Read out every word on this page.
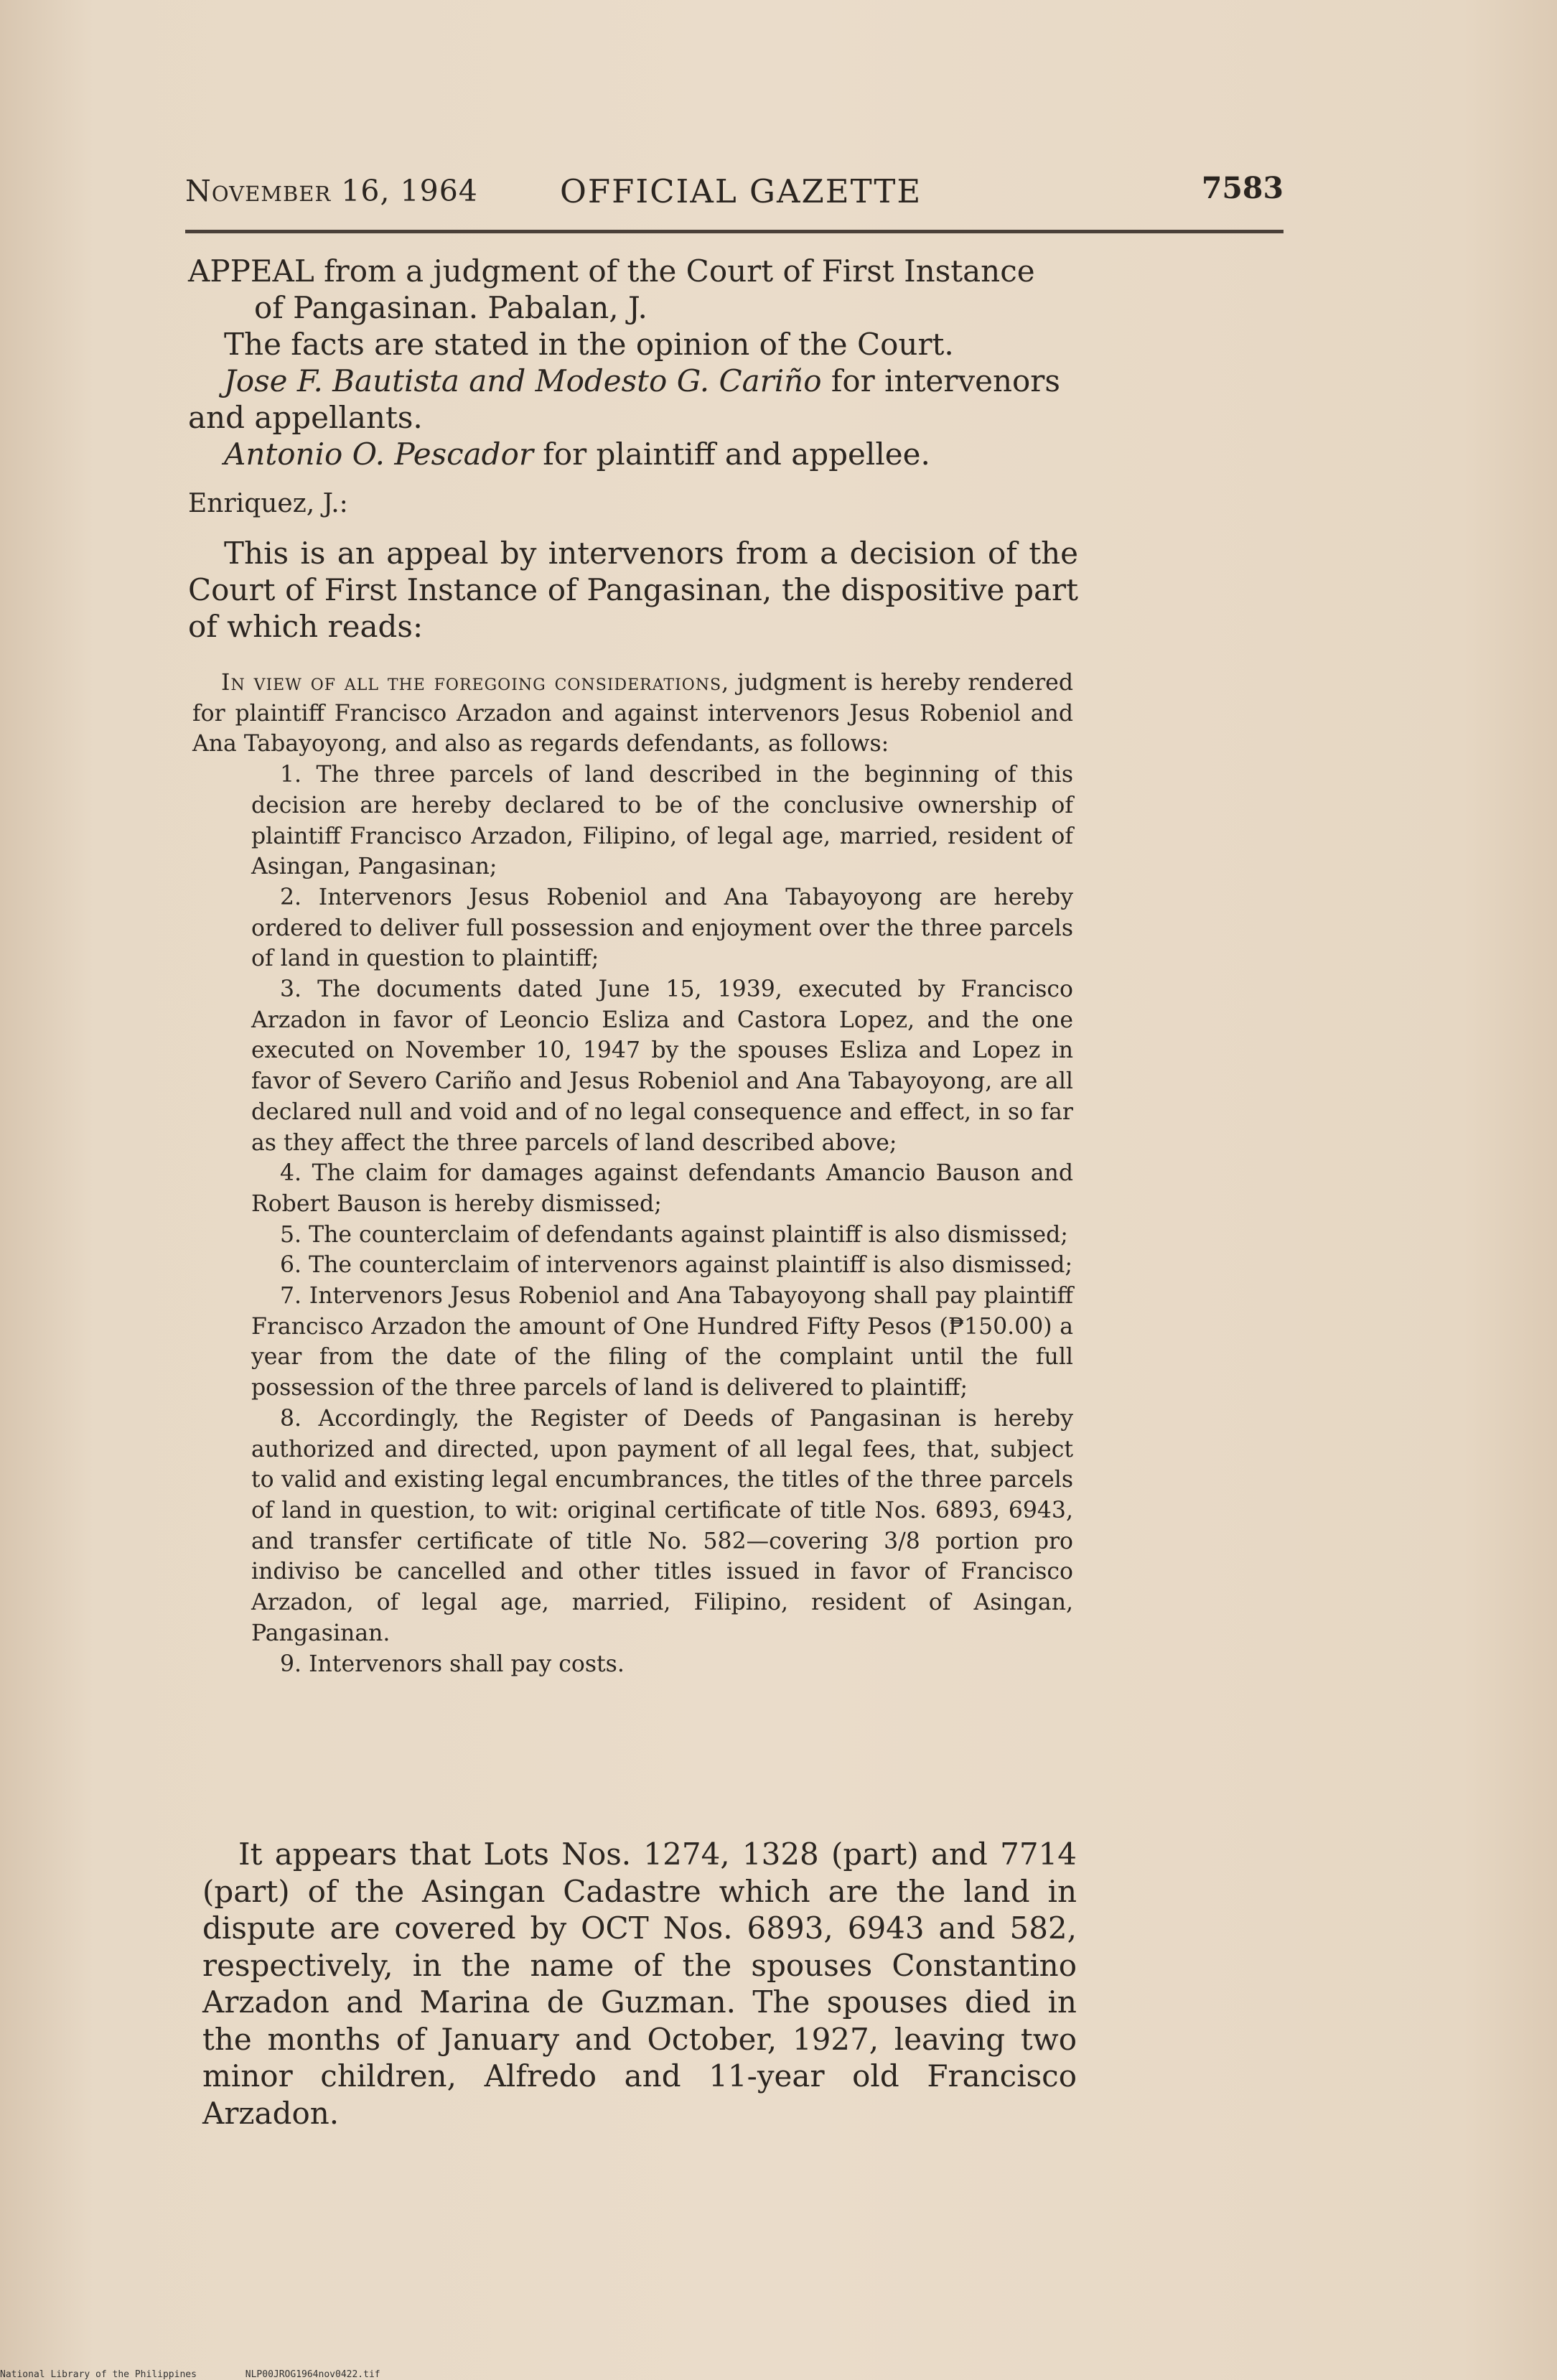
November 16, 1964	OFFICIAL GAZETTE	7583

APPEAL from a judgment of the Court of First Instance

of Pangasinan. Pabalan, J.

The facts are stated in the opinion of the Court.

Jose F. Bautista and Modesto G. Cariño for intervenors and appellants.

Antonio O. Pescador for plaintiff and appellee.

Enriquez, J.:

This is an appeal by intervenors from a decision of the Court of First Instance of Pangasinan, the dispositive part of which reads:

In view of all the foregoing considerations, judgment is hereby rendered for plaintiff Francisco Arzadon and against intervenors Jesus Robeniol and Ana Tabayoyong, and also as regards defendants, as follows:

1. The three parcels of land described in the beginning of this decision are hereby declared to be of the conclusive ownership of plaintiff Francisco Arzadon, Filipino, of legal age, married, resident of Asingan, Pangasinan;

2. Intervenors Jesus Robeniol and Ana Tabayoyong are hereby ordered to deliver full possession and enjoyment over the three parcels of land in question to plaintiff;

3. The documents dated June 15, 1939, executed by Francisco Arzadon in favor of Leoncio Esliza and Castora Lopez, and the one executed on November 10, 1947 by the spouses Esliza and Lopez in favor of Severo Cariño and Jesus Robeniol and Ana Tabayoyong, are all declared null and void and of no legal consequence and effect, in so far as they affect the three parcels of land described above;

4. The claim for damages against defendants Amancio Bauson and Robert Bauson is hereby dismissed;

5. The counterclaim of defendants against plaintiff is also dismissed;

6. The counterclaim of intervenors against plaintiff is also dismissed;

7. Intervenors Jesus Robeniol and Ana Tabayoyong shall pay plaintiff Francisco Arzadon the amount of One Hundred Fifty Pesos (₱150.00) a year from the date of the filing of the complaint until the full possession of the three parcels of land is delivered to plaintiff;

8. Accordingly, the Register of Deeds of Pangasinan is hereby authorized and directed, upon payment of all legal fees, that, subject to valid and existing legal encumbrances, the titles of the three parcels of land in question, to wit: original certificate of title Nos. 6893, 6943, and transfer certificate of title No. 582—covering 3/8 portion pro indiviso be cancelled and other titles issued in favor of Francisco Arzadon, of legal age, married, Filipino, resident of Asingan, Pangasinan.

9. Intervenors shall pay costs.

It appears that Lots Nos. 1274, 1328 (part) and 7714 (part) of the Asingan Cadastre which are the land in dispute are covered by OCT Nos. 6893, 6943 and 582, respectively, in the name of the spouses Constantino Arzadon and Marina de Guzman. The spouses died in the months of January and October, 1927, leaving two minor children, Alfredo and 11-year old Francisco Arzadon.

National Library of the Philippines	NLP00JROG1964nov0422.tif
